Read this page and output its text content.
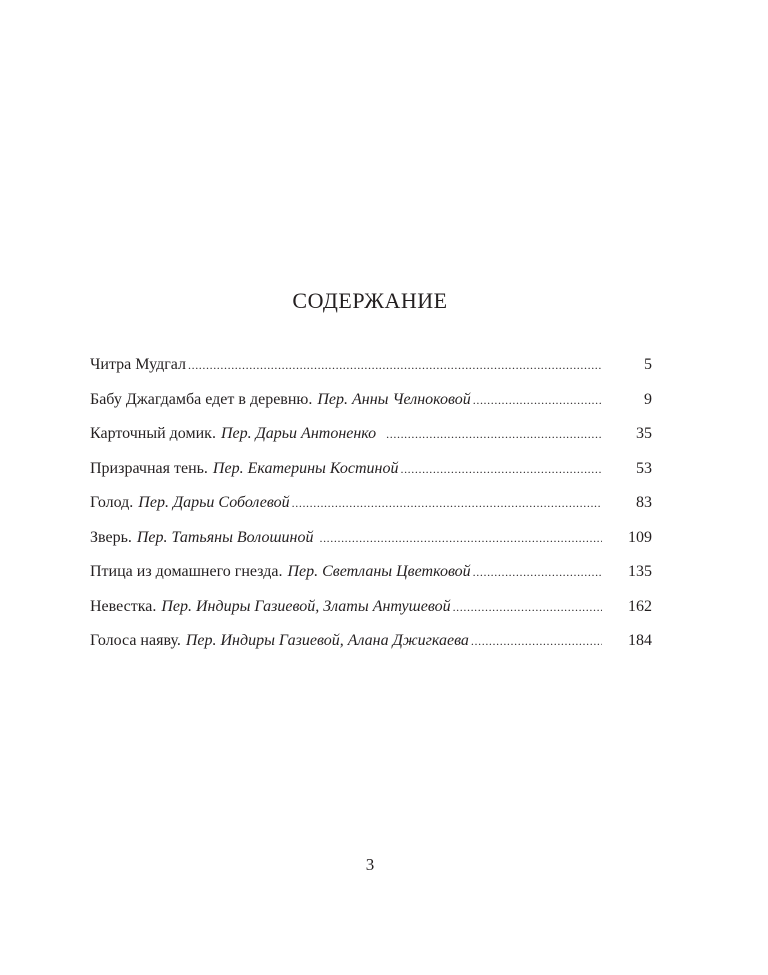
СОДЕРЖАНИЕ
Читра Мудгал .....	5
Бабу Джагдамба едет в деревню. Пер. Анны Челноковой .....	9
Карточный домик. Пер. Дарьи Антоненко .....	35
Призрачная тень. Пер. Екатерины Костиной .....	53
Голод. Пер. Дарьи Соболевой .....	83
Зверь. Пер. Татьяны Волошиной .....	109
Птица из домашнего гнезда. Пер. Светланы Цветковой .....	135
Невестка. Пер. Индиры Газиевой, Златы Антушевой .....	162
Голоса наяву. Пер. Индиры Газиевой, Алана Джигкаева .....	184
3
